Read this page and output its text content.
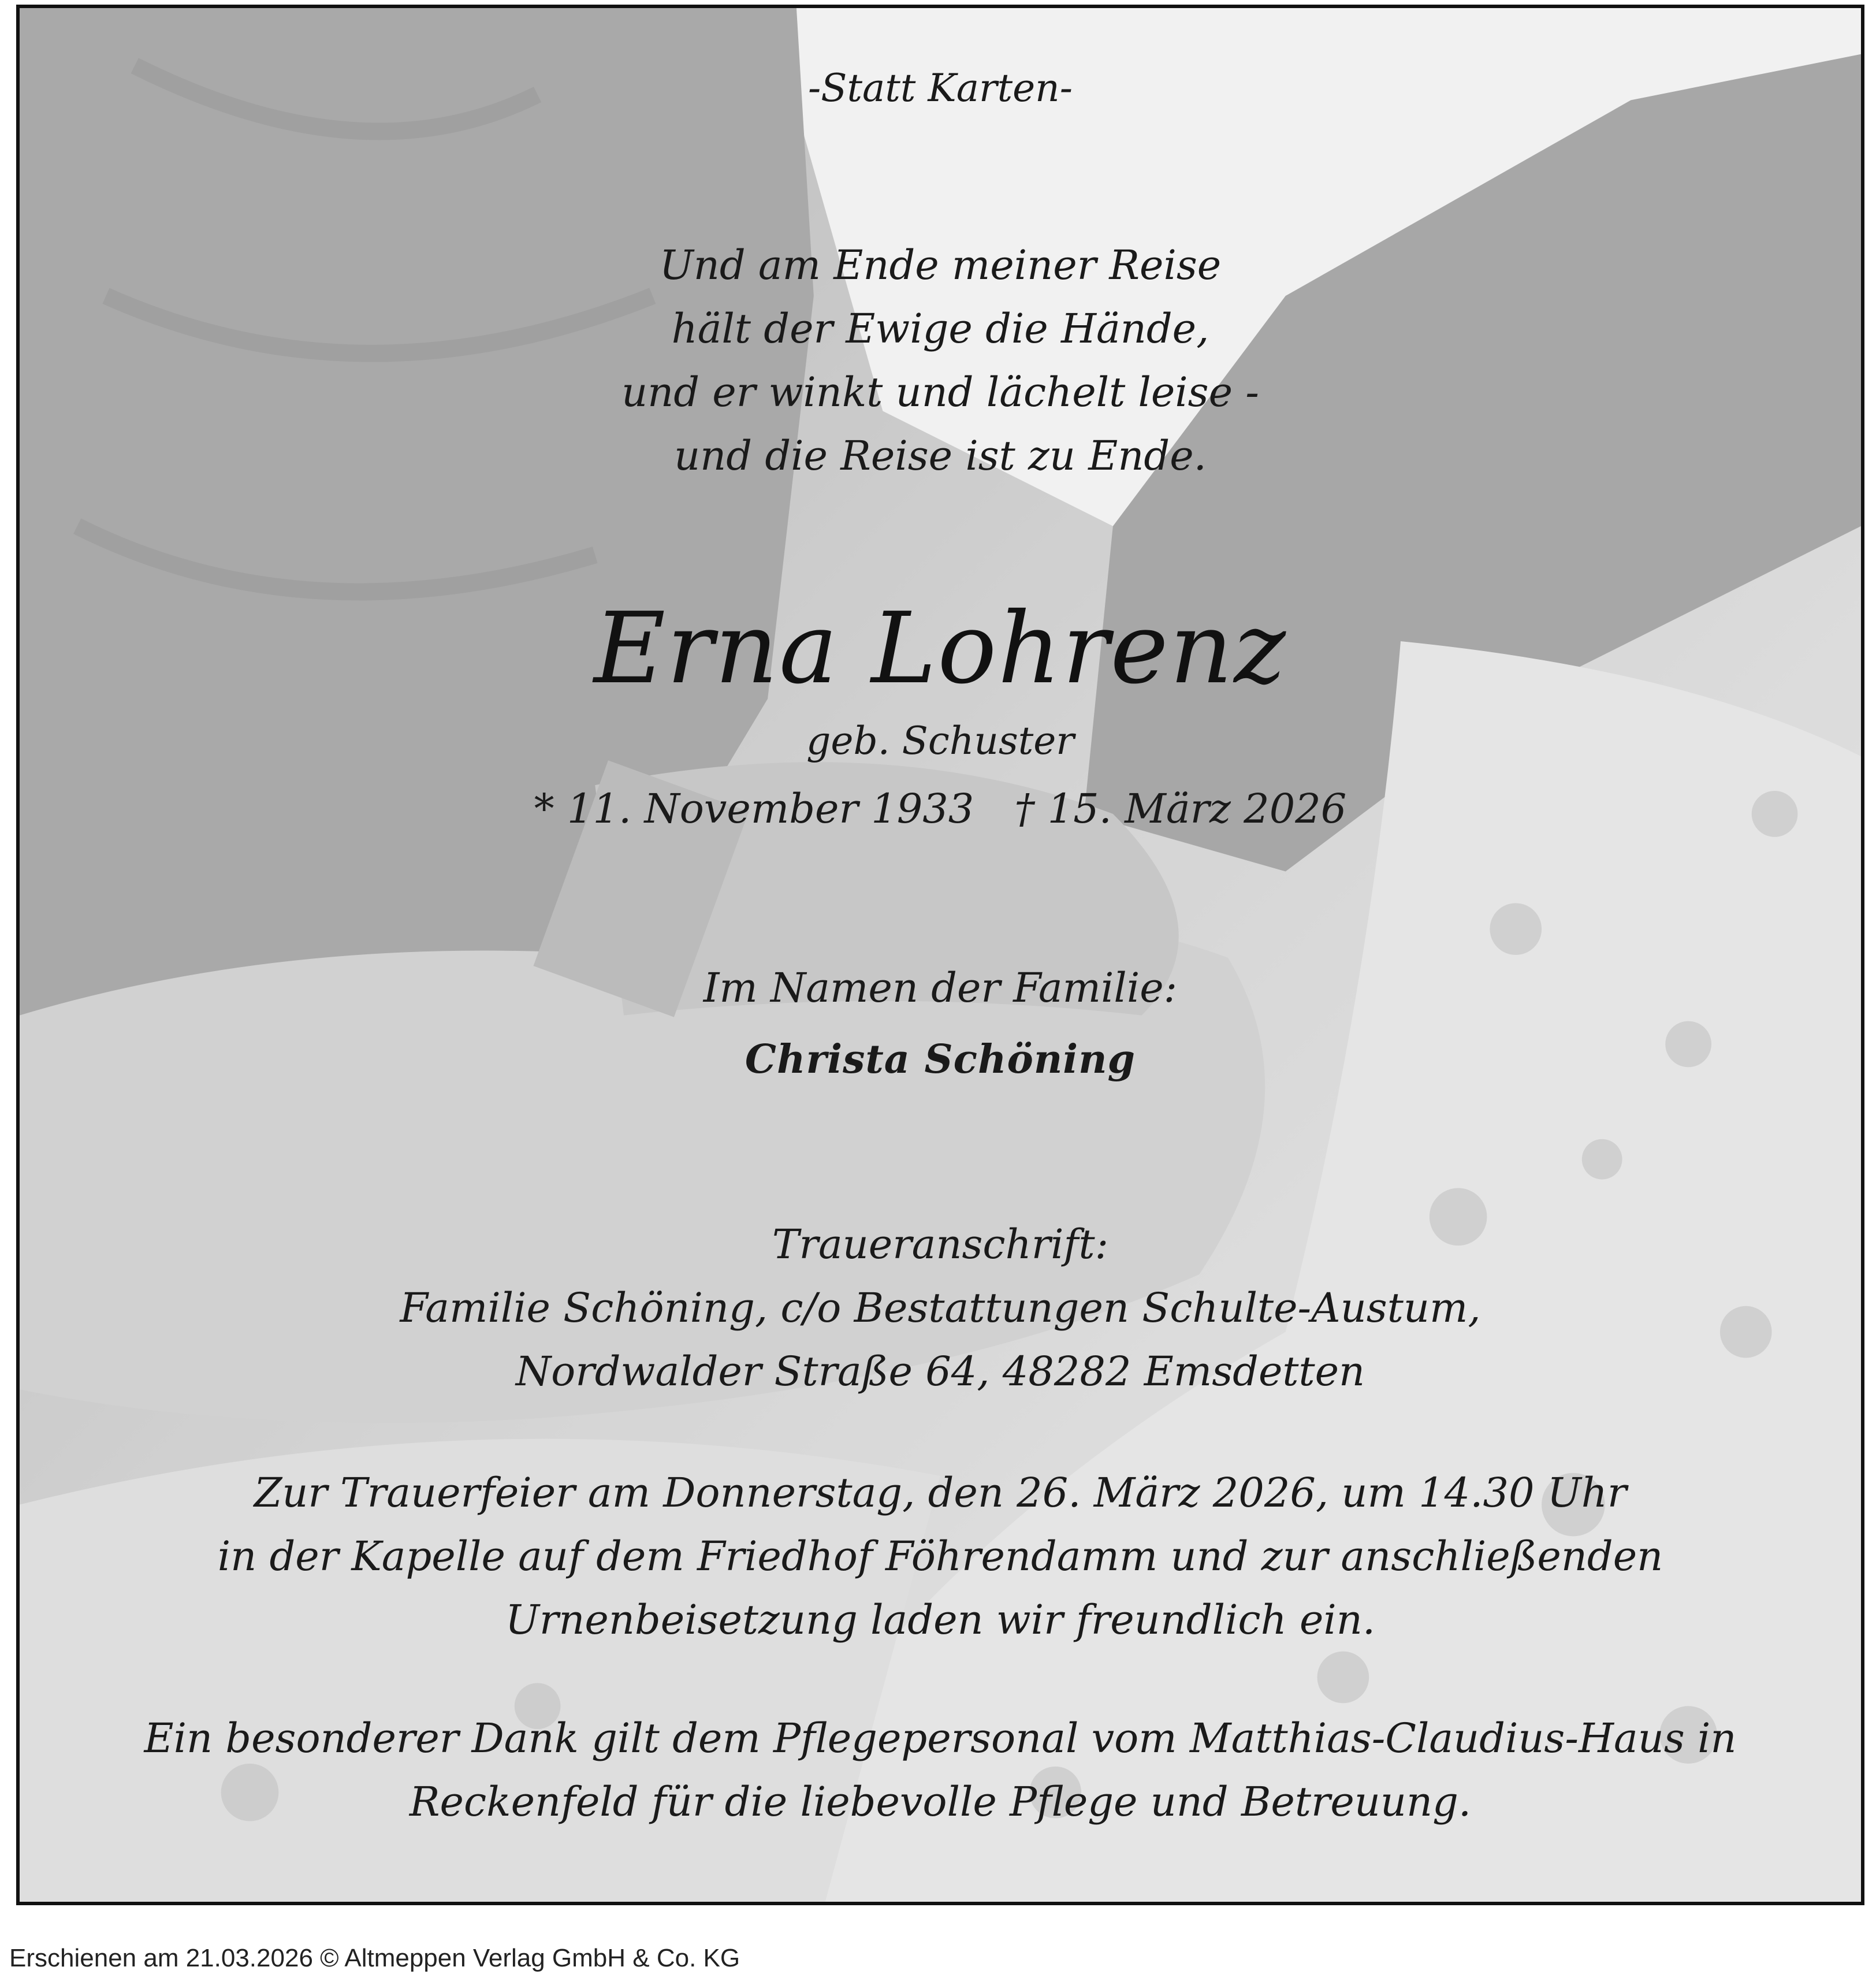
-Statt Karten-
Und am Ende meiner Reise
hält der Ewige die Hände,
und er winkt und lächelt leise -
und die Reise ist zu Ende.
Erna Lohrenz
geb. Schuster
* 11. November 1933 † 15. März 2026
Im Namen der Familie:
Christa Schöning
Traueranschrift:
Familie Schöning, c/o Bestattungen Schulte-Austum,
Nordwalder Straße 64, 48282 Emsdetten
Zur Trauerfeier am Donnerstag, den 26. März 2026, um 14.30 Uhr
in der Kapelle auf dem Friedhof Föhrendamm und zur anschließenden
Urnenbeisetzung laden wir freundlich ein.
Ein besonderer Dank gilt dem Pflegepersonal vom Matthias-Claudius-Haus in
Reckenfeld für die liebevolle Pflege und Betreuung.
Erschienen am 21.03.2026 © Altmeppen Verlag GmbH & Co. KG
